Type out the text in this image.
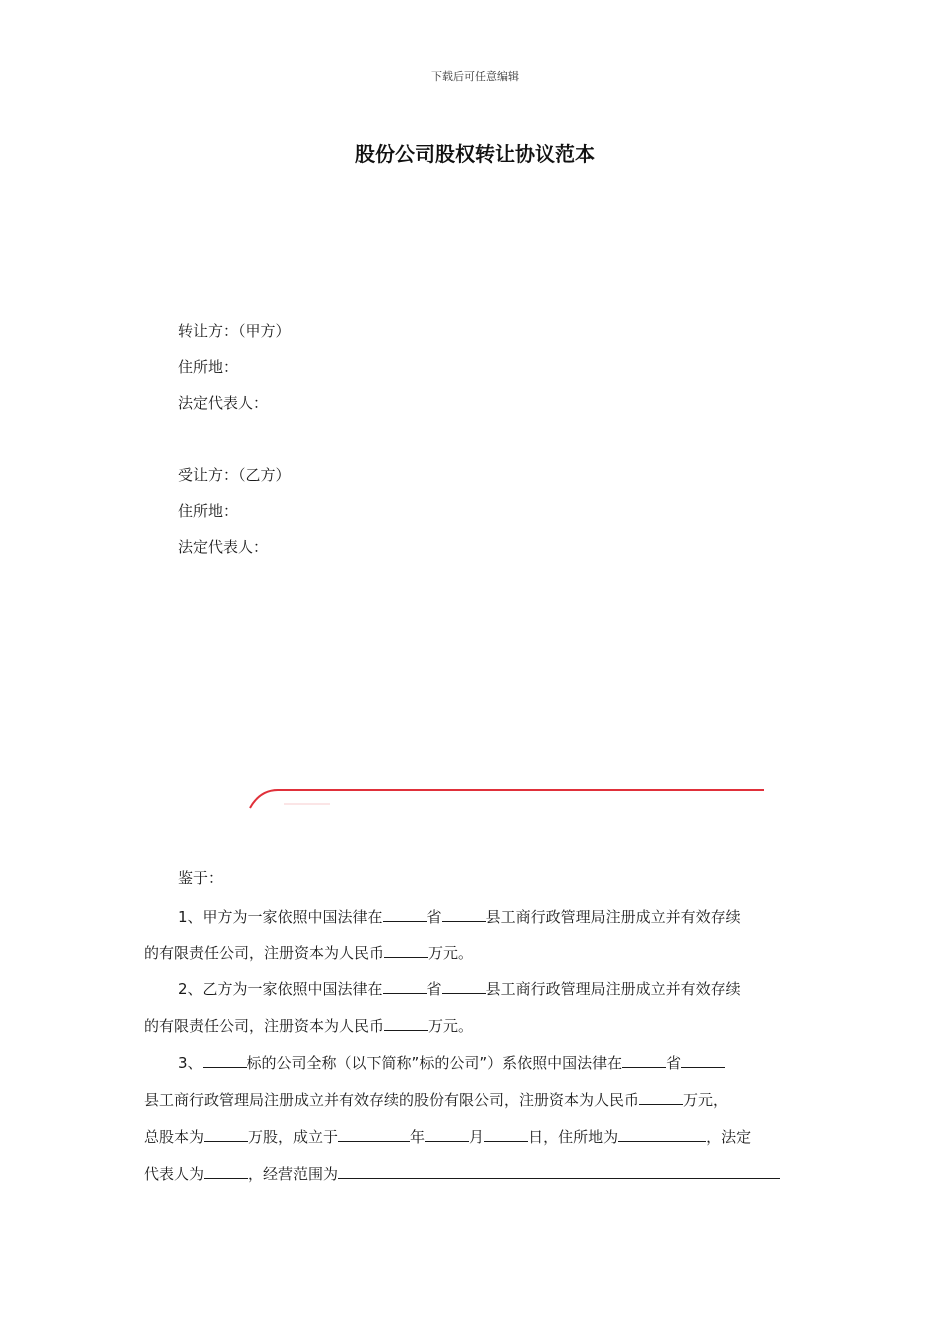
下载后可任意编辑
股份公司股权转让协议范本
转让方：（甲方）
住所地：
法定代表人：
受让方：（乙方）
住所地：
法定代表人：
鉴于：
1、甲方为一家依照中国法律在	省	县工商行政管理局注册成立并有效存续
的有限责任公司，注册资本为人民币	万元。
2、乙方为一家依照中国法律在	省	县工商行政管理局注册成立并有效存续
的有限责任公司，注册资本为人民币	万元。
3、	标的公司全称（以下简称”标的公司”）系依照中国法律在	省
县工商行政管理局注册成立并有效存续的股份有限公司，注册资本为人民币	万元，
总股本为	万股，成立于	年	月	日，住所地为	，法定
代表人为	，经营范围为
